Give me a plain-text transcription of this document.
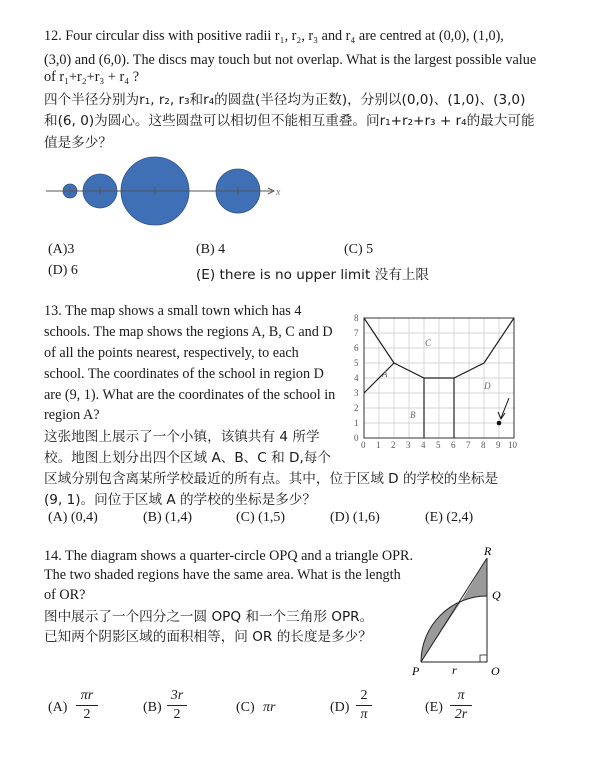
12. Four circular diss with positive radii r₁, r₂, r₃ and r₄ are centred at (0,0), (1,0),
(3,0) and (6,0). The discs may touch but not overlap. What is the largest possible value
of r₁+r₂+r₃ + r₄ ?
四个半径分别为r₁, r₂, r₃和r₄的圆盘(半径均为正数)，分别以(0,0)、(1,0)、(3,0)
和(6, 0)为圆心。这些圆盘可以相切但不能相互重叠。问r₁+r₂+r₃ + r₄的最大可能
值是多少？
x
(A)3	(B) 4	(C) 5
(D) 6	(E) there is no upper limit 没有上限
13. The map shows a small town which has 4
schools. The map shows the regions A, B, C and D
of all the points nearest, respectively, to each
school. The coordinates of the school in region D
are (9, 1). What are the coordinates of the school in
region A?
这张地图上展示了一个小镇，该镇共有 4 所学
校。地图上划分出四个区域 A、B、C 和 D,每个
区域分别包含离某所学校最近的所有点。其中，位于区域 D 的学校的坐标是
(9, 1)。问位于区域 A 的学校的坐标是多少？
A
B
C
D
0 1 2 3 4 5 6 7 8 9 10
0
1
2
3
4
5
6
7
8
(A) (0,4)	(B) (1,4)	(C) (1,5)	(D) (1,6)	(E) (2,4)
14. The diagram shows a quarter-circle OPQ and a triangle OPR.
The two shaded regions have the same area. What is the length
of OR?
图中展示了一个四分之一圆 OPQ 和一个三角形 OPR。
已知两个阴影区域的面积相等，问 OR 的长度是多少？
R
Q
P	O
r
(A)
πr
2	(B)
3r
2	(C) πr	(D)
2
π	(E)
π
2r
